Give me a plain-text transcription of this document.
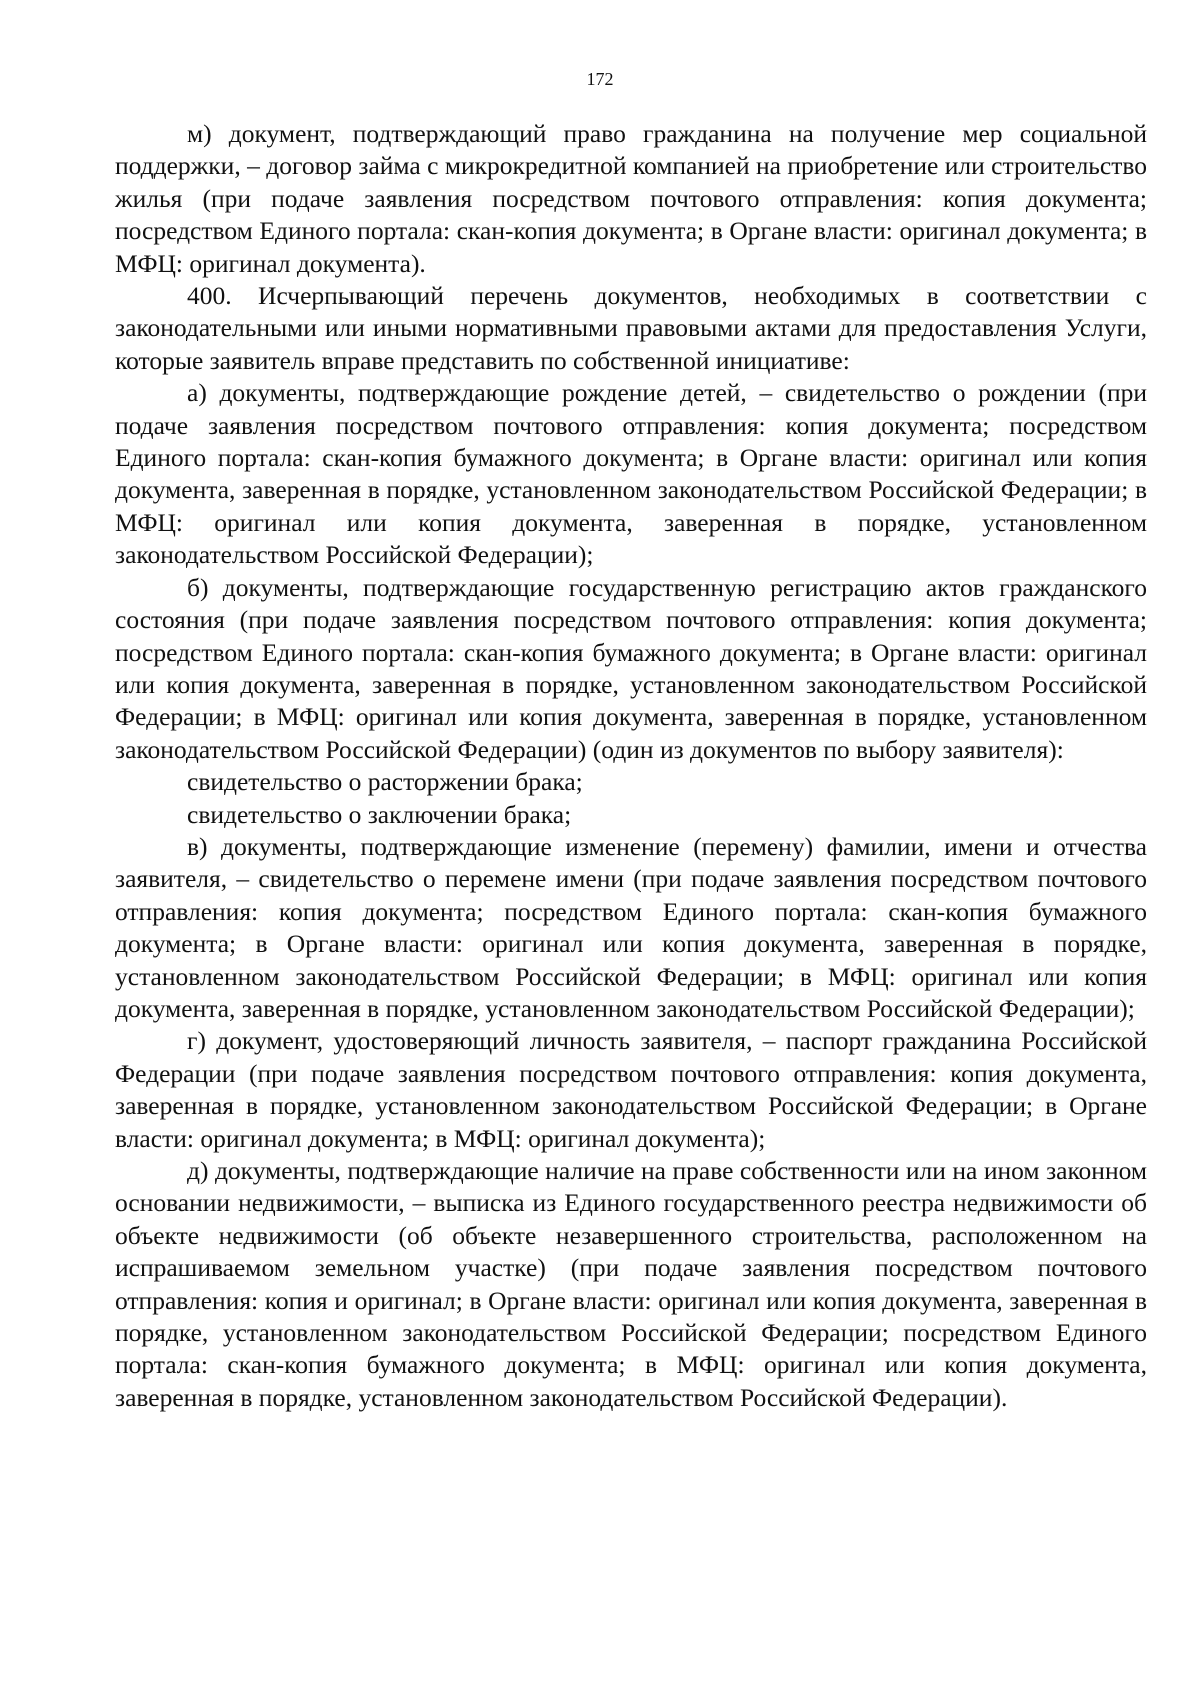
172

м) документ, подтверждающий право гражданина на получение мер социальной поддержки, – договор займа с микрокредитной компанией на приобретение или строительство жилья (при подаче заявления посредством почтового отправления: копия документа; посредством Единого портала: скан-копия документа; в Органе власти: оригинал документа; в МФЦ: оригинал документа).

400. Исчерпывающий перечень документов, необходимых в соответствии с законодательными или иными нормативными правовыми актами для предоставления Услуги, которые заявитель вправе представить по собственной инициативе:

а) документы, подтверждающие рождение детей, – свидетельство о рождении (при подаче заявления посредством почтового отправления: копия документа; посредством Единого портала: скан-копия бумажного документа; в Органе власти: оригинал или копия документа, заверенная в порядке, установленном законодательством Российской Федерации; в МФЦ: оригинал или копия документа, заверенная в порядке, установленном законодательством Российской Федерации);

б) документы, подтверждающие государственную регистрацию актов гражданского состояния (при подаче заявления посредством почтового отправления: копия документа; посредством Единого портала: скан-копия бумажного документа; в Органе власти: оригинал или копия документа, заверенная в порядке, установленном законодательством Российской Федерации; в МФЦ: оригинал или копия документа, заверенная в порядке, установленном законодательством Российской Федерации) (один из документов по выбору заявителя):

свидетельство о расторжении брака;

свидетельство о заключении брака;

в) документы, подтверждающие изменение (перемену) фамилии, имени и отчества заявителя, – свидетельство о перемене имени (при подаче заявления посредством почтового отправления: копия документа; посредством Единого портала: скан-копия бумажного документа; в Органе власти: оригинал или копия документа, заверенная в порядке, установленном законодательством Российской Федерации; в МФЦ: оригинал или копия документа, заверенная в порядке, установленном законодательством Российской Федерации);

г) документ, удостоверяющий личность заявителя, – паспорт гражданина Российской Федерации (при подаче заявления посредством почтового отправления: копия документа, заверенная в порядке, установленном законодательством Российской Федерации; в Органе власти: оригинал документа; в МФЦ: оригинал документа);

д) документы, подтверждающие наличие на праве собственности или на ином законном основании недвижимости, – выписка из Единого государственного реестра недвижимости об объекте недвижимости (об объекте незавершенного строительства, расположенном на испрашиваемом земельном участке) (при подаче заявления посредством почтового отправления: копия и оригинал; в Органе власти: оригинал или копия документа, заверенная в порядке, установленном законодательством Российской Федерации; посредством Единого портала: скан-копия бумажного документа; в МФЦ: оригинал или копия документа, заверенная в порядке, установленном законодательством Российской Федерации).
